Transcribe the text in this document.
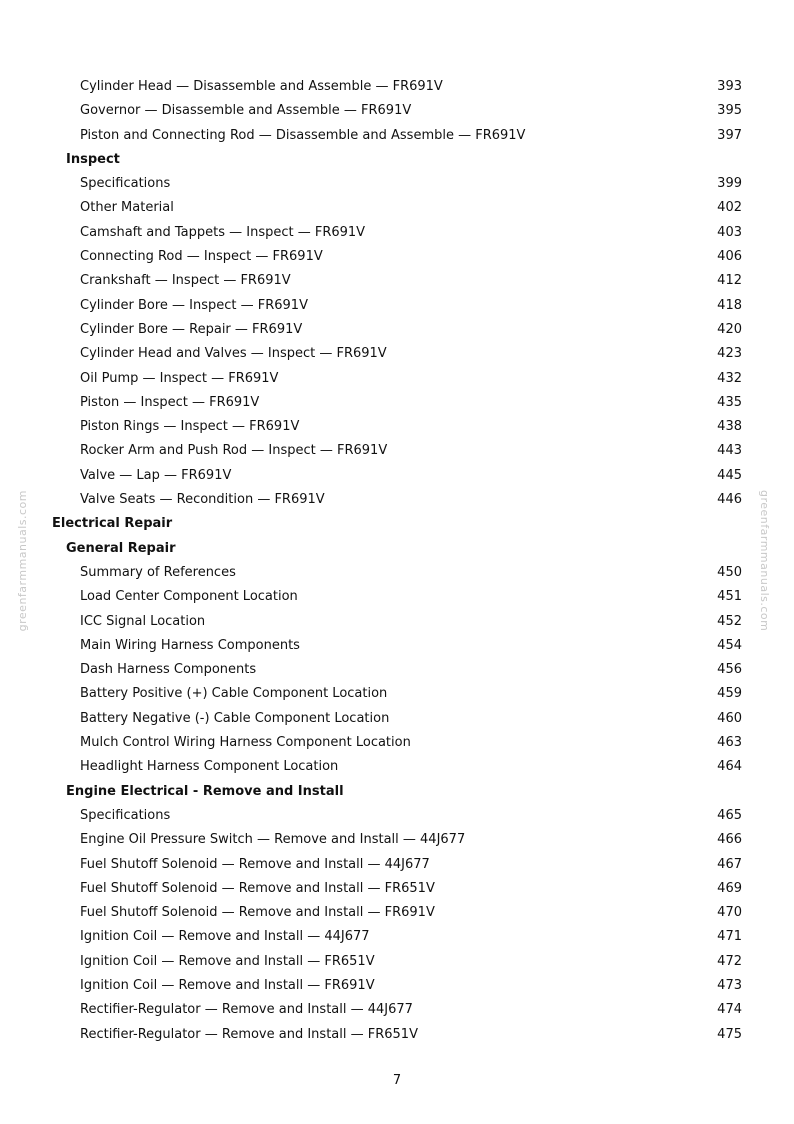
Cylinder Head — Disassemble and Assemble — FR691V	393
Governor — Disassemble and Assemble — FR691V	395
Piston and Connecting Rod — Disassemble and Assemble — FR691V	397
Inspect
Specifications	399
Other Material	402
Camshaft and Tappets — Inspect — FR691V	403
Connecting Rod — Inspect — FR691V	406
Crankshaft — Inspect — FR691V	412
Cylinder Bore — Inspect — FR691V	418
Cylinder Bore — Repair — FR691V	420
Cylinder Head and Valves — Inspect — FR691V	423
Oil Pump — Inspect — FR691V	432
Piston — Inspect — FR691V	435
Piston Rings — Inspect — FR691V	438
Rocker Arm and Push Rod — Inspect — FR691V	443
Valve — Lap — FR691V	445
Valve Seats — Recondition — FR691V	446
Electrical Repair
General Repair
Summary of References	450
Load Center Component Location	451
ICC Signal Location	452
Main Wiring Harness Components	454
Dash Harness Components	456
Battery Positive (+) Cable Component Location	459
Battery Negative (-) Cable Component Location	460
Mulch Control Wiring Harness Component Location	463
Headlight Harness Component Location	464
Engine Electrical - Remove and Install
Specifications	465
Engine Oil Pressure Switch — Remove and Install — 44J677	466
Fuel Shutoff Solenoid — Remove and Install — 44J677	467
Fuel Shutoff Solenoid — Remove and Install — FR651V	469
Fuel Shutoff Solenoid — Remove and Install — FR691V	470
Ignition Coil — Remove and Install — 44J677	471
Ignition Coil — Remove and Install — FR651V	472
Ignition Coil — Remove and Install — FR691V	473
Rectifier-Regulator — Remove and Install — 44J677	474
Rectifier-Regulator — Remove and Install — FR651V	475
greenfarmmanuals.com	greenfarmmanuals.com
7
